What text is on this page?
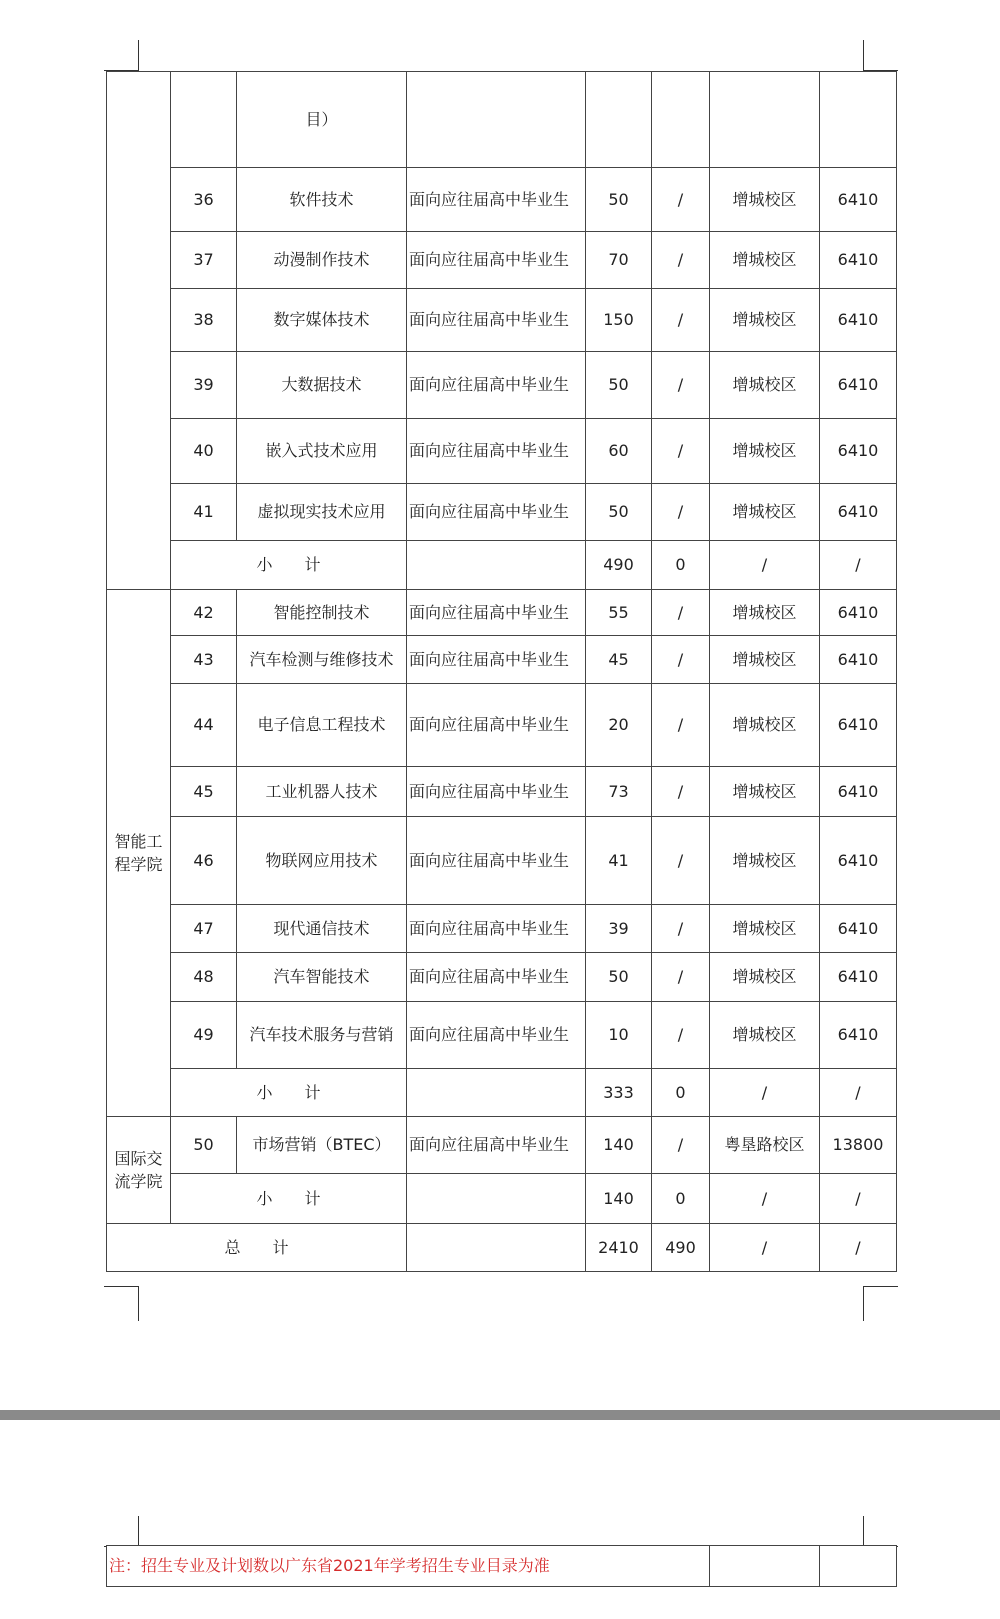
目）
智能工程学院
国际交流学院
36	软件技术	面向应往届高中毕业生	50	/	增城校区	6410
37	动漫制作技术	面向应往届高中毕业生	70	/	增城校区	6410
38	数字媒体技术	面向应往届高中毕业生	150	/	增城校区	6410
39	大数据技术	面向应往届高中毕业生	50	/	增城校区	6410
40	嵌入式技术应用	面向应往届高中毕业生	60	/	增城校区	6410
41	虚拟现实技术应用	面向应往届高中毕业生	50	/	增城校区	6410
小　　计	490	0	/	/
42	智能控制技术	面向应往届高中毕业生	55	/	增城校区	6410
43	汽车检测与维修技术 面向应往届高中毕业生	45	/	增城校区	6410
44	电子信息工程技术	面向应往届高中毕业生	20	/	增城校区	6410
45	工业机器人技术	面向应往届高中毕业生	73	/	增城校区	6410
46	物联网应用技术	面向应往届高中毕业生	41	/	增城校区	6410
47	现代通信技术	面向应往届高中毕业生	39	/	增城校区	6410
48	汽车智能技术	面向应往届高中毕业生	50	/	增城校区	6410
49	汽车技术服务与营销 面向应往届高中毕业生	10	/	增城校区	6410
小　　计	333	0	/	/
50	市场营销（BTEC）	面向应往届高中毕业生	140	/	粤垦路校区	13800
小　　计	140	0	/	/
总　　计	2410	490	/	/
注：招生专业及计划数以广东省2021年学考招生专业目录为准
